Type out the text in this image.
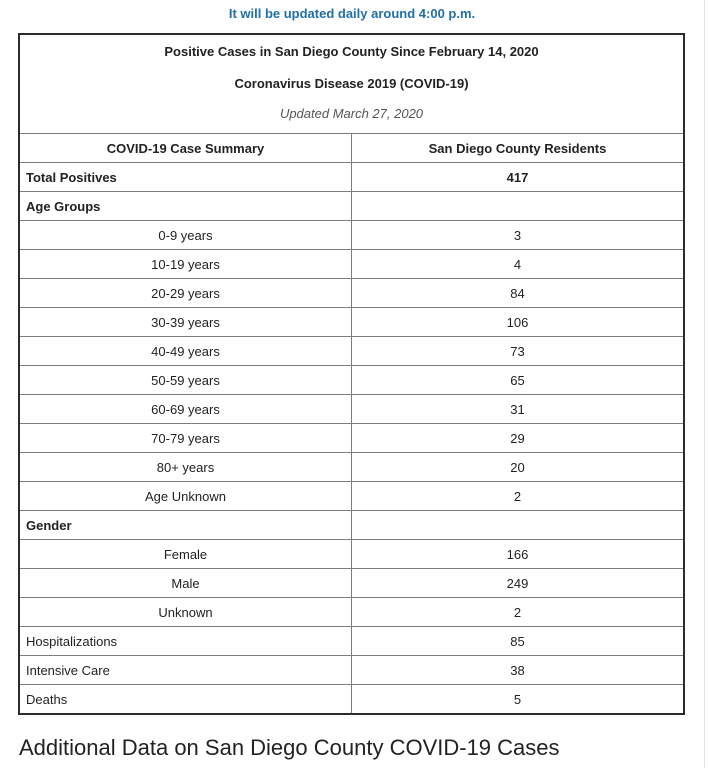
It will be updated daily around 4:00 p.m.
Positive Cases in San Diego County Since February 14, 2020
Coronavirus Disease 2019 (COVID-19)
Updated March 27, 2020	

COVID-19 Case Summary	San Diego County Residents
Total Positives	417
Age Groups	
0-9 years	3
10-19 years	4
20-29 years	84
30-39 years	106
40-49 years	73
50-59 years	65
60-69 years	31
70-79 years	29
80+ years	20
Age Unknown	2
Gender	
Female	166
Male	249
Unknown	2
Hospitalizations	85
Intensive Care	38
Deaths	5
Additional Data on San Diego County COVID-19 Cases
